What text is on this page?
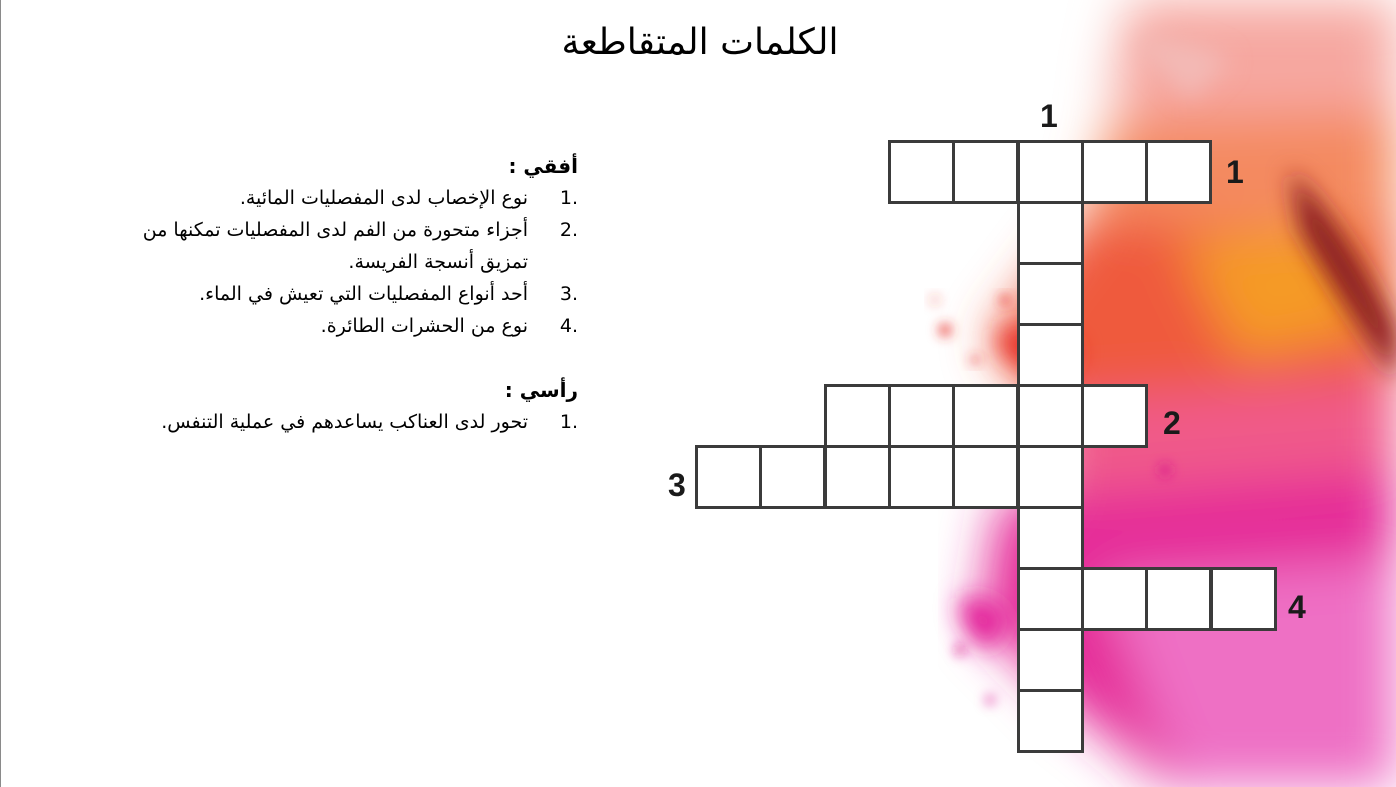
الكلمات المتقاطعة
أفقي :
1.
نوع الإخصاب لدى المفصليات المائية.
2.
أجزاء متحورة من الفم لدى المفصليات تمكنها من تمزيق أنسجة الفريسة.
3.
أحد أنواع المفصليات التي تعيش في الماء.
4.
نوع من الحشرات الطائرة.
رأسي :
1.
تحور لدى العناكب يساعدهم في عملية التنفس.
1
1
2
3
4
